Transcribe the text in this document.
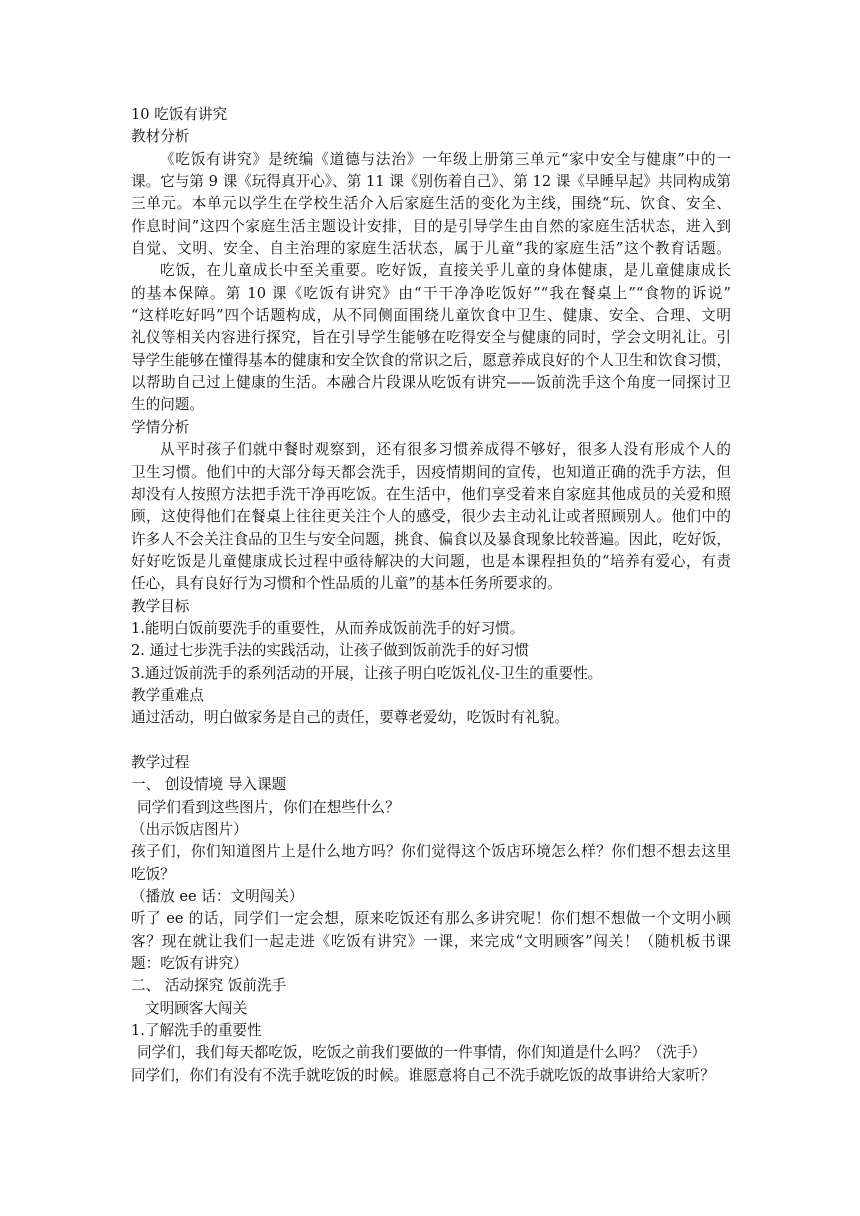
10 吃饭有讲究
教材分析
《吃饭有讲究》是统编《道德与法治》一年级上册第三单元“家中安全与健康”中的一
课。它与第 9 课《玩得真开心》、第 11 课《别伤着自己》、第 12 课《早睡早起》共同构成第
三单元。本单元以学生在学校生活介入后家庭生活的变化为主线，围绕“玩、饮食、安全、
作息时间”这四个家庭生活主题设计安排，目的是引导学生由自然的家庭生活状态，进入到
自觉、文明、安全、自主治理的家庭生活状态，属于儿童“我的家庭生活”这个教育话题。
吃饭，在儿童成长中至关重要。吃好饭，直接关乎儿童的身体健康，是儿童健康成长
的基本保障。第 10 课《吃饭有讲究》由“干干净净吃饭好”“我在餐桌上”“食物的诉说”
“这样吃好吗”四个话题构成，从不同侧面围绕儿童饮食中卫生、健康、安全、合理、文明
礼仪等相关内容进行探究，旨在引导学生能够在吃得安全与健康的同时，学会文明礼让。引
导学生能够在懂得基本的健康和安全饮食的常识之后，愿意养成良好的个人卫生和饮食习惯，
以帮助自己过上健康的生活。本融合片段课从吃饭有讲究——饭前洗手这个角度一同探讨卫
生的问题。
学情分析
从平时孩子们就中餐时观察到，还有很多习惯养成得不够好，很多人没有形成个人的
卫生习惯。他们中的大部分每天都会洗手，因疫情期间的宣传，也知道正确的洗手方法，但
却没有人按照方法把手洗干净再吃饭。在生活中，他们享受着来自家庭其他成员的关爱和照
顾，这使得他们在餐桌上往往更关注个人的感受，很少去主动礼让或者照顾别人。他们中的
许多人不会关注食品的卫生与安全问题，挑食、偏食以及暴食现象比较普遍。因此，吃好饭，
好好吃饭是儿童健康成长过程中亟待解决的大问题，也是本课程担负的“培养有爱心，有责
任心，具有良好行为习惯和个性品质的儿童”的基本任务所要求的。
教学目标
1.能明白饭前要洗手的重要性，从而养成饭前洗手的好习惯。
2. 通过七步洗手法的实践活动，让孩子做到饭前洗手的好习惯
3.通过饭前洗手的系列活动的开展，让孩子明白吃饭礼仪-卫生的重要性。
教学重难点
通过活动，明白做家务是自己的责任，要尊老爱幼，吃饭时有礼貌。
教学过程
一、 创设情境 导入课题
同学们看到这些图片，你们在想些什么？
（出示饭店图片）
孩子们，你们知道图片上是什么地方吗？你们觉得这个饭店环境怎么样？你们想不想去这里
吃饭？
（播放 ee 话：文明闯关）
听了 ee 的话，同学们一定会想，原来吃饭还有那么多讲究呢！你们想不想做一个文明小顾
客？现在就让我们一起走进《吃饭有讲究》一课，来完成“文明顾客”闯关！（随机板书课
题：吃饭有讲究）
二、 活动探究 饭前洗手
文明顾客大闯关
1.了解洗手的重要性
同学们，我们每天都吃饭，吃饭之前我们要做的一件事情，你们知道是什么吗？（洗手）
同学们，你们有没有不洗手就吃饭的时候。谁愿意将自己不洗手就吃饭的故事讲给大家听？
